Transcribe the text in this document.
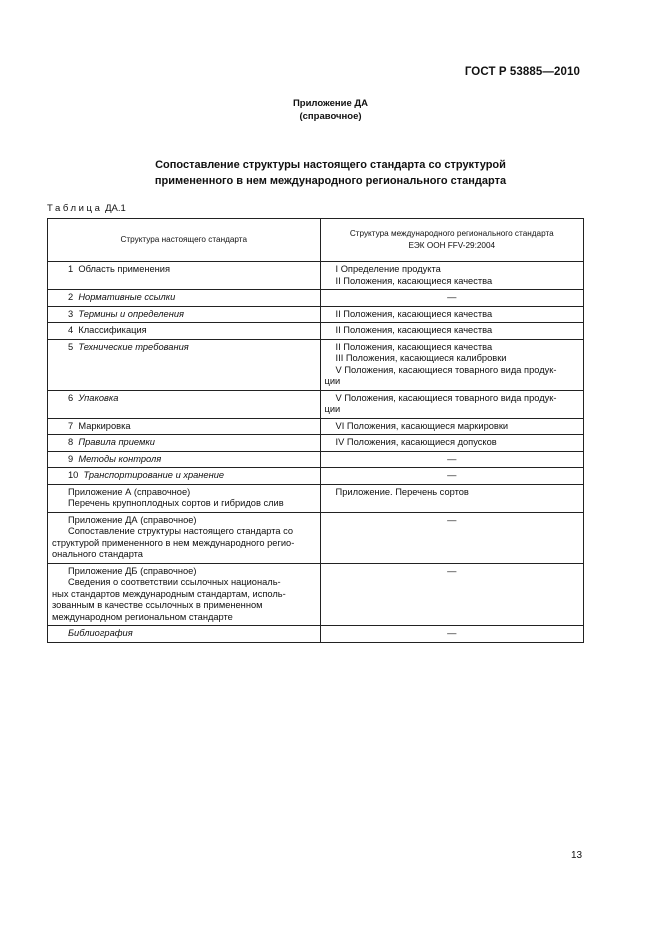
ГОСТ Р 53885—2010
Приложение ДА
(справочное)
Сопоставление структуры настоящего стандарта со структурой
примененного в нем международного регионального стандарта
Таблица ДА.1
Структура настоящего стандарта	Структура международного регионального стандарта
ЕЭК ООН FFV-29:2004

1 Область применения	I Определение продукта
II Положения, касающиеся качества

2 Нормативные ссылки	—
3 Термины и определения	II Положения, касающиеся качества
4 Классификация	II Положения, касающиеся качества
5 Технические требования	II Положения, касающиеся качества
III Положения, касающиеся калибровки
V Положения, касающиеся товарного вида продук-
ции

6 Упаковка	V Положения, касающиеся товарного вида продук-
ции

7 Маркировка	VI Положения, касающиеся маркировки
8 Правила приемки	IV Положения, касающиеся допусков
9 Методы контроля	—
10 Транспортирование и хранение	—

Приложение А (справочное)
Перечень крупноплодных сортов и гибридов слив	Приложение. Перечень сортов

Приложение ДА (справочное)
Сопоставление структуры настоящего стандарта со
структурой примененного в нем международного регио-
онального стандарта	—

Приложение ДБ (справочное)
Сведения о соответствии ссылочных националь-
ных стандартов международным стандартам, исполь-
зованным в качестве ссылочных в примененном
международном региональном стандарте	—
Библиография	—
13
